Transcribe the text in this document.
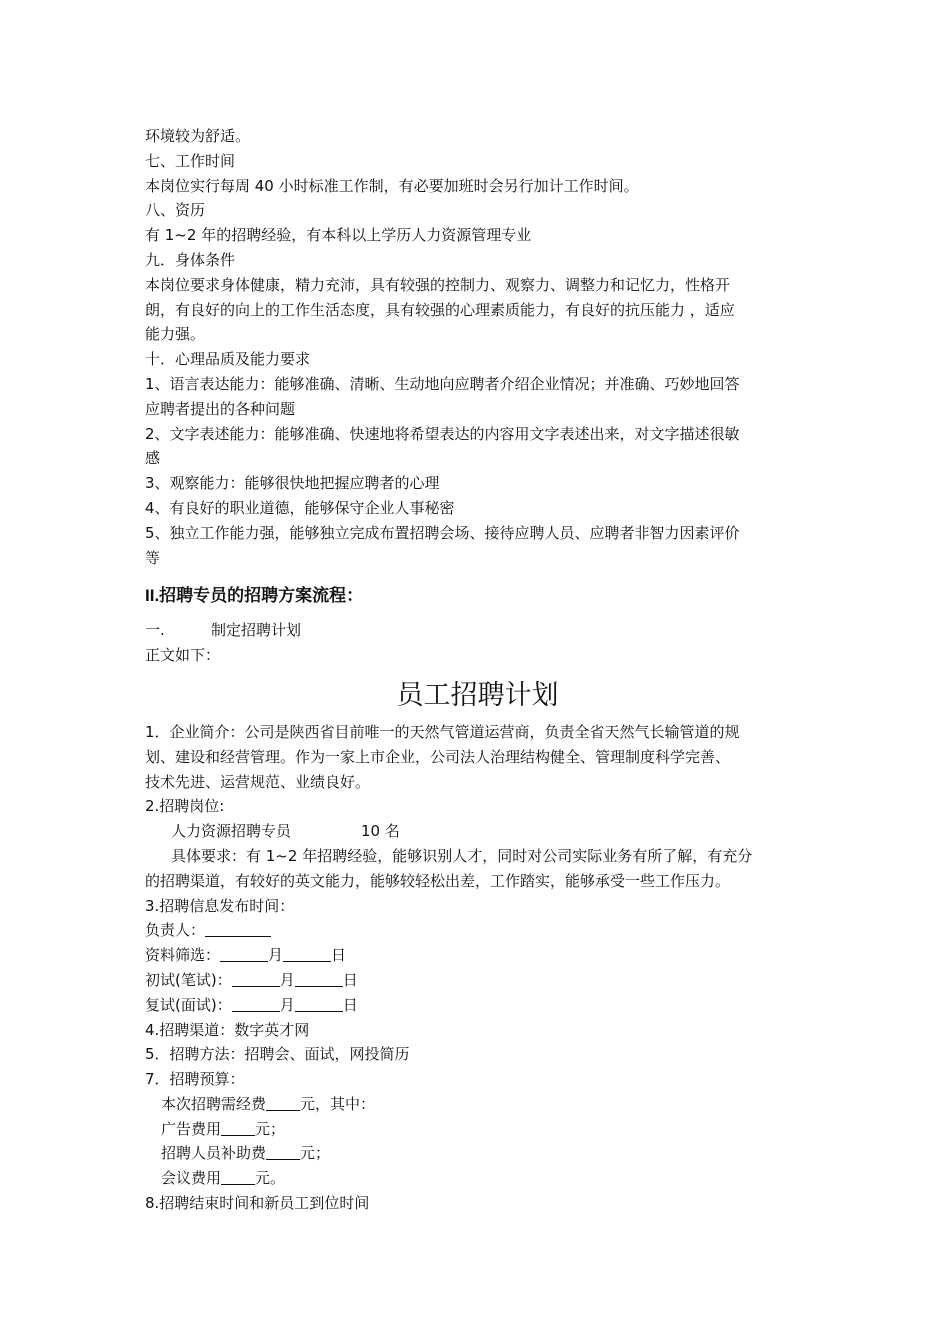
环境较为舒适。

七、工作时间

本岗位实行每周 40 小时标准工作制，有必要加班时会另行加计工作时间。

八、资历

有 1~2 年的招聘经验，有本科以上学历人力资源管理专业

九．身体条件

本岗位要求身体健康，精力充沛，具有较强的控制力、观察力、调整力和记忆力，性格开

朗，有良好的向上的工作生活态度，具有较强的心理素质能力，有良好的抗压能力 ，适应

能力强。

十．心理品质及能力要求

1、语言表达能力：能够准确、清晰、生动地向应聘者介绍企业情况；并准确、巧妙地回答

应聘者提出的各种问题

2、文字表述能力：能够准确、快速地将希望表达的内容用文字表述出来，对文字描述很敏

感

3、观察能力：能够很快地把握应聘者的心理

4、有良好的职业道德，能够保守企业人事秘密

5、独立工作能力强，能够独立完成布置招聘会场、接待应聘人员、应聘者非智力因素评价

等

II.招聘专员的招聘方案流程：
一.	制定招聘计划

正文如下：

员工招聘计划

1．企业简介：公司是陕西省目前唯一的天然气管道运营商，负责全省天然气长输管道的规

划、建设和经营管理。作为一家上市企业，公司法人治理结构健全、管理制度科学完善、

技术先进、运营规范、业绩良好。

2.招聘岗位:

人力资源招聘专员	10 名

具体要求：有 1~2 年招聘经验，能够识别人才，同时对公司实际业务有所了解，有充分

的招聘渠道，有较好的英文能力，能够较轻松出差，工作踏实，能够承受一些工作压力。

3.招聘信息发布时间：

负责人：

资料筛选：	月	日

初试(笔试)：	月	日

复试(面试)：	月	日

4.招聘渠道：数字英才网

5．招聘方法：招聘会、面试，网投简历

7．招聘预算：

本次招聘需经费 元，其中：

广告费用 元；

招聘人员补助费 元；

会议费用 元。

8.招聘结束时间和新员工到位时间
